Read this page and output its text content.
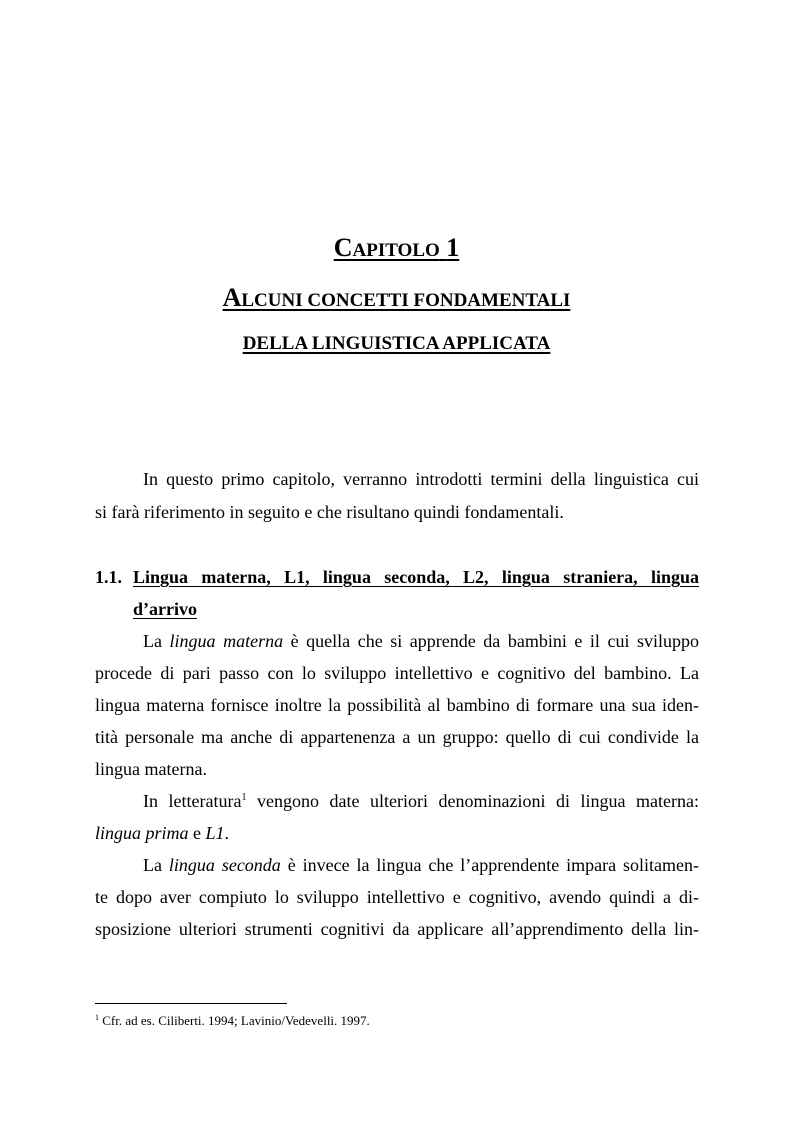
CAPITOLO 1
ALCUNI CONCETTI FONDAMENTALI
DELLA LINGUISTICA APPLICATA
In questo primo capitolo, verranno introdotti termini della linguistica cui
si farà riferimento in seguito e che risultano quindi fondamentali.
1.1. Lingua materna, L1, lingua seconda, L2, lingua straniera, lingua
d’arrivo
La lingua materna è quella che si apprende da bambini e il cui sviluppo
procede di pari passo con lo sviluppo intellettivo e cognitivo del bambino. La
lingua materna fornisce inoltre la possibilità al bambino di formare una sua iden-
tità personale ma anche di appartenenza a un gruppo: quello di cui condivide la
lingua materna.
In letteratura$^1$ vengono date ulteriori denominazioni di lingua materna:
lingua prima e L1.
La lingua seconda è invece la lingua che l’apprendente impara solitamen-
te dopo aver compiuto lo sviluppo intellettivo e cognitivo, avendo quindi a di-
sposizione ulteriori strumenti cognitivi da applicare all’apprendimento della lin-
$^1$ Cfr. ad es. Ciliberti. 1994; Lavinio/Vedevelli. 1997.
